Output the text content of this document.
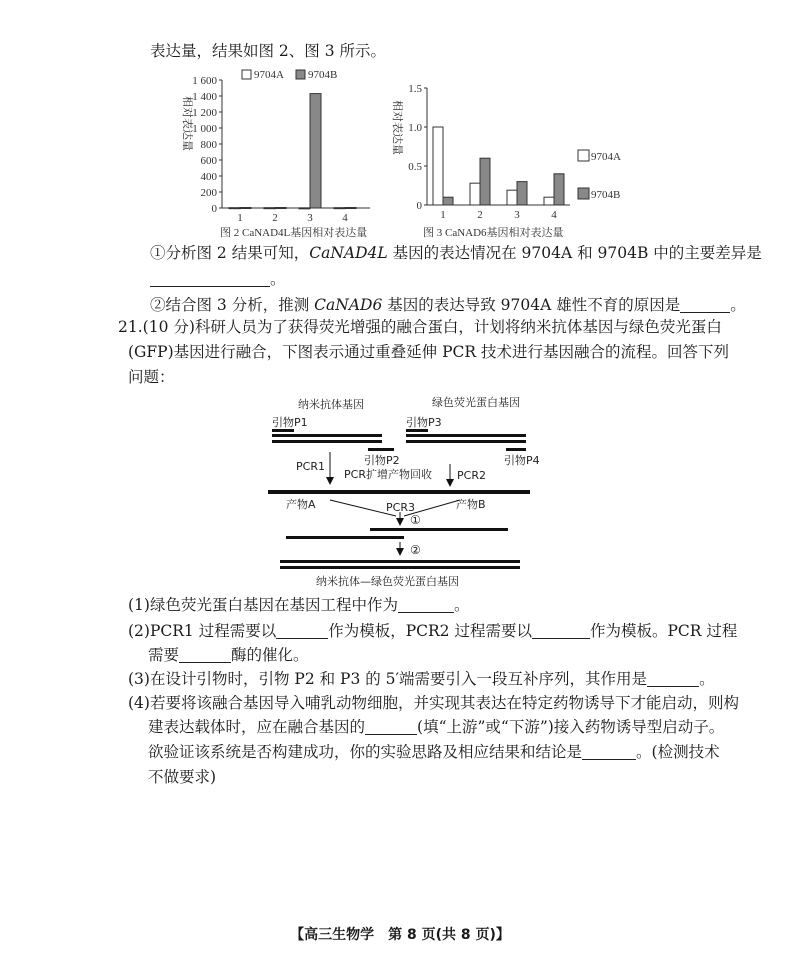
表达量，结果如图 2、图 3 所示。
0
200
400
600
800
1 000
1 200
1 400
1 600
1	2	3	4
相对表达量
9704A 9704B
图 2 CaNAD4L基因相对表达量
0
0.5
1.0
1.5
1	2	3	4
相对表达量
9704A
9704B
图 3 CaNAD6基因相对表达量
①分析图 2 结果可知，CaNAD4L 基因的表达情况在 9704A 和 9704B 中的主要差异是
。
②结合图 3 分析，推测 CaNAD6 基因的表达导致 9704A 雄性不育的原因是	。
21.(10 分)科研人员为了获得荧光增强的融合蛋白，计划将纳米抗体基因与绿色荧光蛋白
(GFP)基因进行融合，下图表示通过重叠延伸 PCR 技术进行基因融合的流程。回答下列
问题：
纳米抗体基因	绿色荧光蛋白基因
引物P1	引物P3
引物P2	引物P4
PCR1
PCR2
PCR扩增产物回收
产物A	产物B
PCR3
①
②
纳米抗体—绿色荧光蛋白基因
(1)绿色荧光蛋白基因在基因工程中作为	。
(2)PCR1 过程需要以	作为模板，PCR2 过程需要以	作为模板。PCR 过程
需要	酶的催化。
(3)在设计引物时，引物 P2 和 P3 的 5′端需要引入一段互补序列，其作用是	。
(4)若要将该融合基因导入哺乳动物细胞，并实现其表达在特定药物诱导下才能启动，则构
建表达载体时，应在融合基因的	(填“上游”或“下游”)接入药物诱导型启动子。
欲验证该系统是否构建成功，你的实验思路及相应结果和结论是	。(检测技术
不做要求)
【高三生物学　第 8 页(共 8 页)】
